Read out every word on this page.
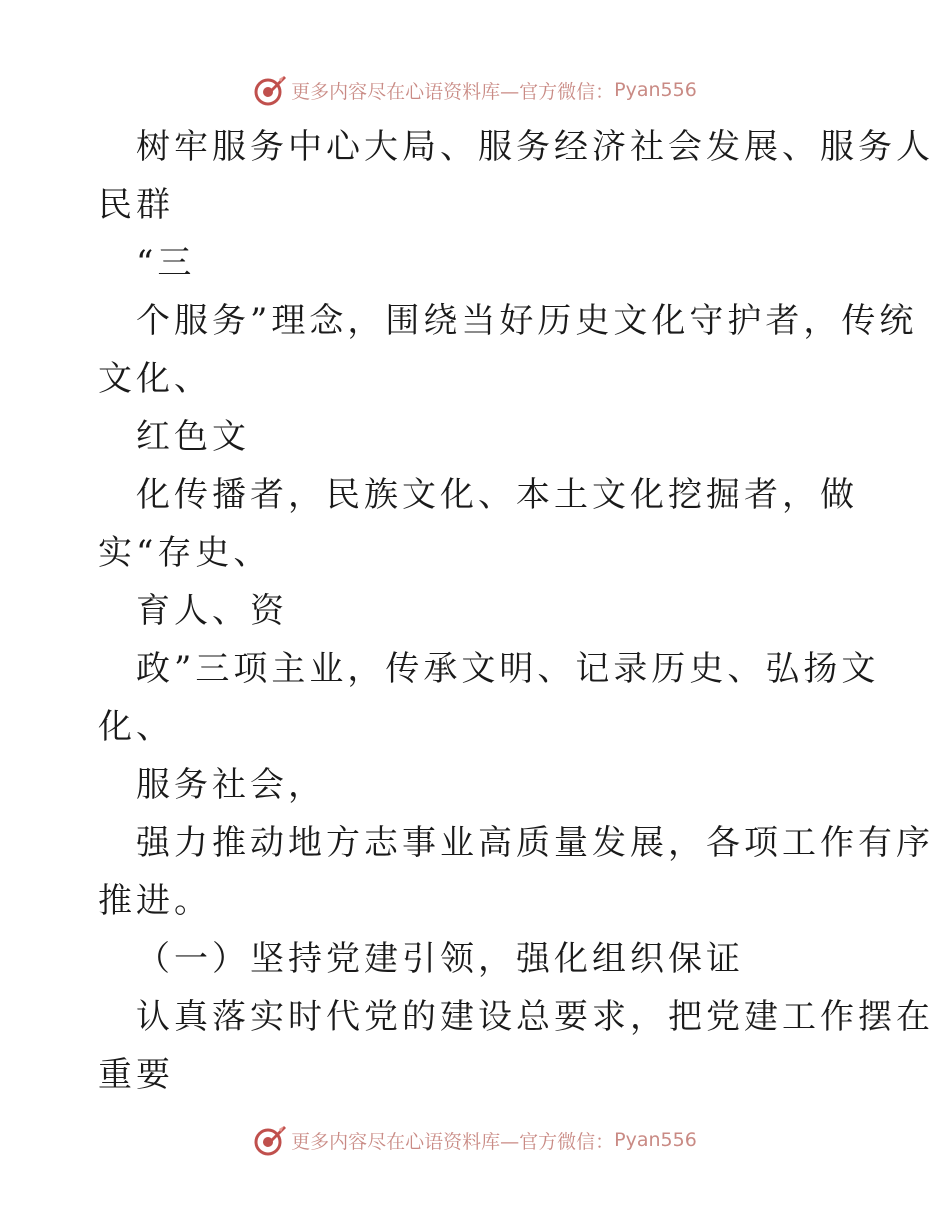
更多内容尽在心语资料库—官方微信： Pyan556
树牢服务中心大局、服务经济社会发展、服务人
民群
“三
个服务”理念，围绕当好历史文化守护者，传统
文化、
红色文
化传播者，民族文化、本土文化挖掘者，做
实“存史、
育人、资
政”三项主业，传承文明、记录历史、弘扬文
化、
服务社会，
强力推动地方志事业高质量发展，各项工作有序
推进。
（一）坚持党建引领，强化组织保证
认真落实时代党的建设总要求，把党建工作摆在
重要
更多内容尽在心语资料库—官方微信： Pyan556
